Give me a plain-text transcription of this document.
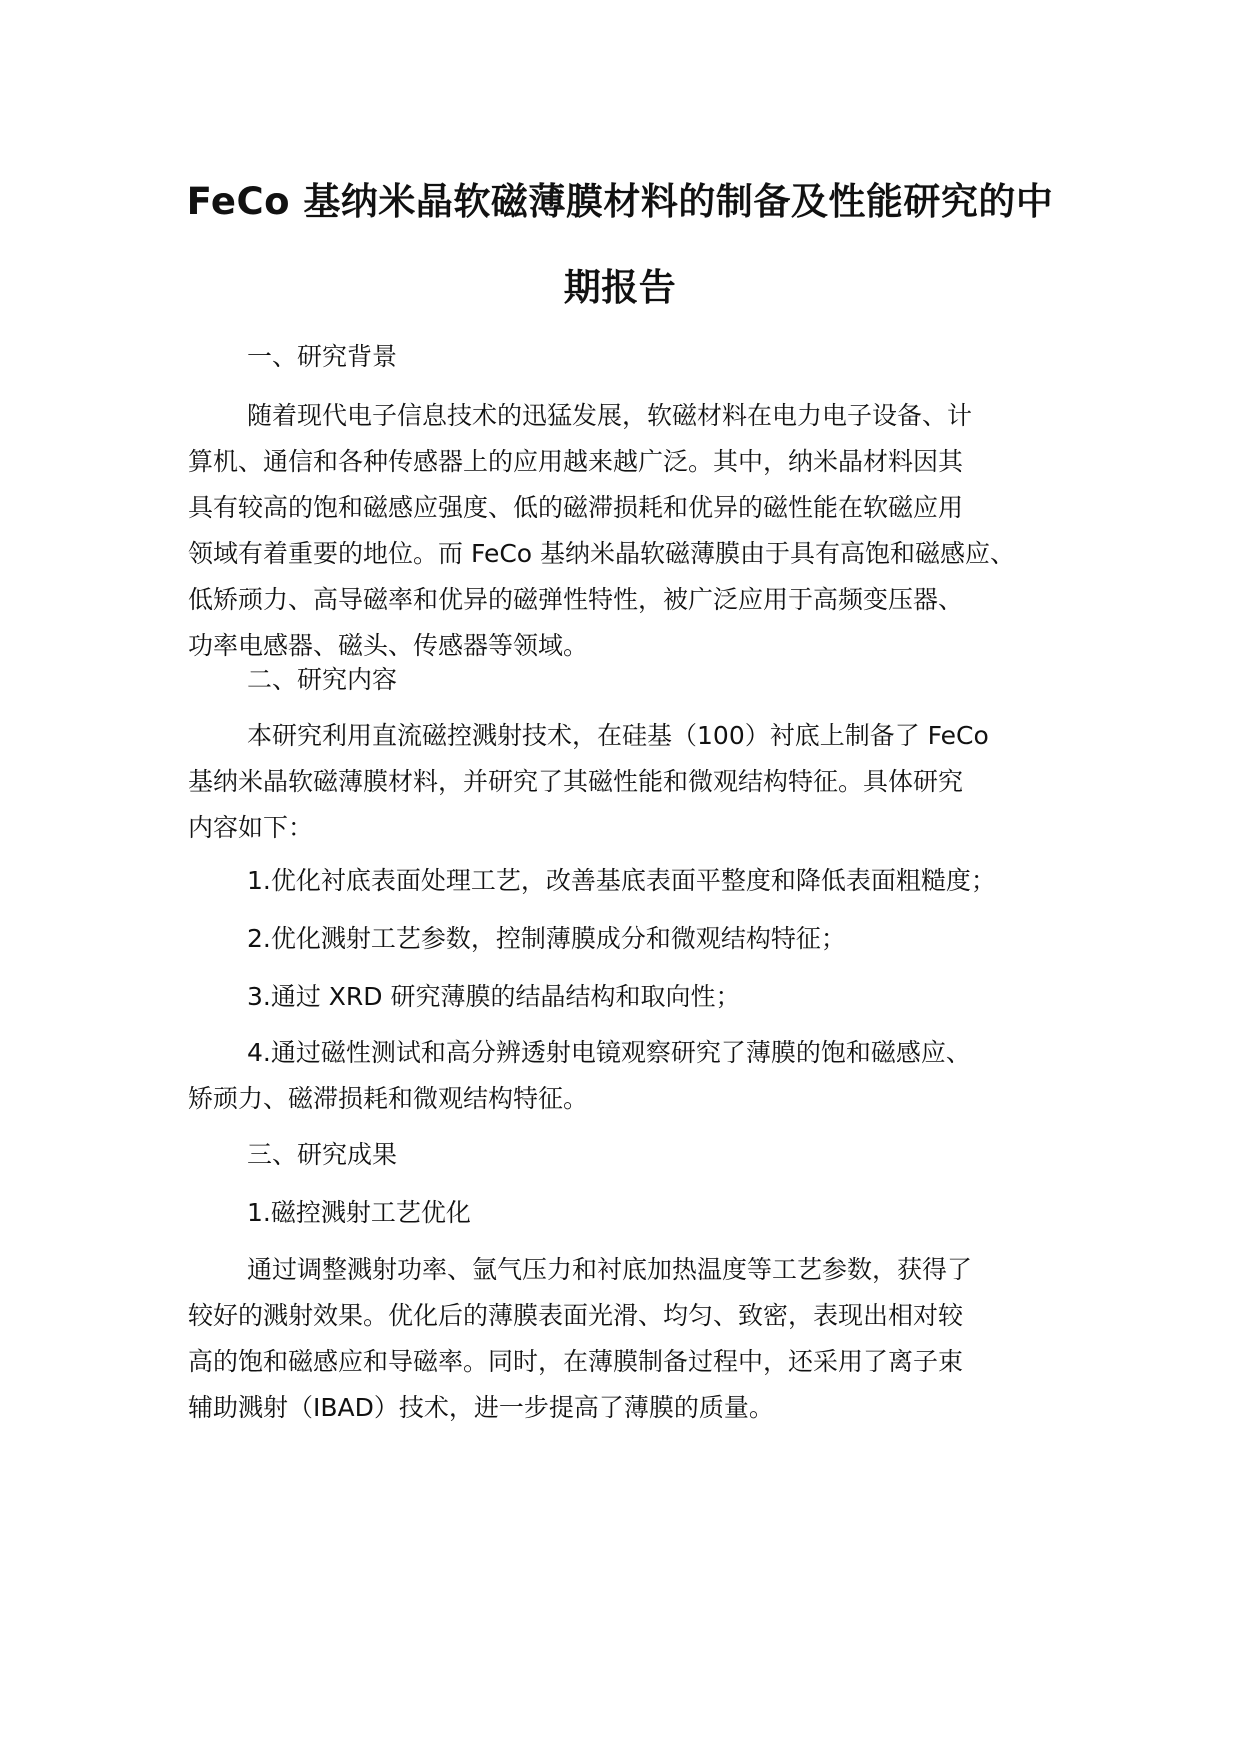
FeCo 基纳米晶软磁薄膜材料的制备及性能研究的中
期报告
一、研究背景
随着现代电子信息技术的迅猛发展，软磁材料在电力电子设备、计
算机、通信和各种传感器上的应用越来越广泛。其中，纳米晶材料因其
具有较高的饱和磁感应强度、低的磁滞损耗和优异的磁性能在软磁应用
领域有着重要的地位。而 FeCo 基纳米晶软磁薄膜由于具有高饱和磁感应、
低矫顽力、高导磁率和优异的磁弹性特性，被广泛应用于高频变压器、
功率电感器、磁头、传感器等领域。
二、研究内容
本研究利用直流磁控溅射技术，在硅基（100）衬底上制备了 FeCo
基纳米晶软磁薄膜材料，并研究了其磁性能和微观结构特征。具体研究
内容如下：
1.优化衬底表面处理工艺，改善基底表面平整度和降低表面粗糙度；
2.优化溅射工艺参数，控制薄膜成分和微观结构特征；
3.通过 XRD 研究薄膜的结晶结构和取向性；
4.通过磁性测试和高分辨透射电镜观察研究了薄膜的饱和磁感应、
矫顽力、磁滞损耗和微观结构特征。
三、研究成果
1.磁控溅射工艺优化
通过调整溅射功率、氩气压力和衬底加热温度等工艺参数，获得了
较好的溅射效果。优化后的薄膜表面光滑、均匀、致密，表现出相对较
高的饱和磁感应和导磁率。同时，在薄膜制备过程中，还采用了离子束
辅助溅射（IBAD）技术，进一步提高了薄膜的质量。
